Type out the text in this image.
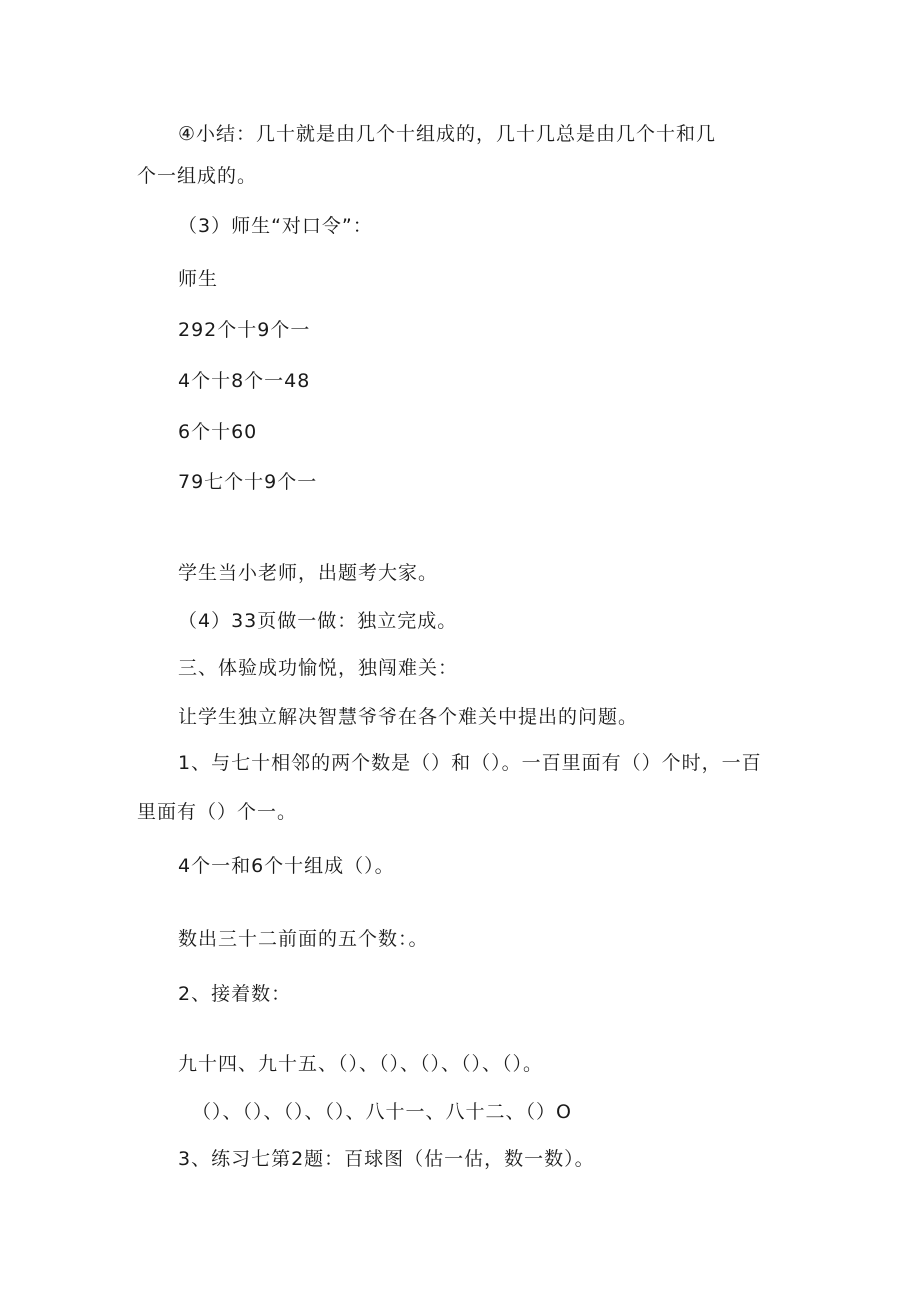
④小结：几十就是由几个十组成的，几十几总是由几个十和几
个一组成的。
（3）师生“对口令”：
师生
292个十9个一
4个十8个一48
6个十60
79七个十9个一
学生当小老师，出题考大家。
（4）33页做一做：独立完成。
三、体验成功愉悦，独闯难关：
让学生独立解决智慧爷爷在各个难关中提出的问题。
1、与七十相邻的两个数是（）和（）。一百里面有（）个时，一百
里面有（）个一。
4个一和6个十组成（）。
数出三十二前面的五个数：。
2、接着数：
九十四、九十五、（）、（）、（）、（）、（）。
（）、（）、（）、（）、八十一、八十二、（）O
3、练习七第2题：百球图（估一估，数一数）。
